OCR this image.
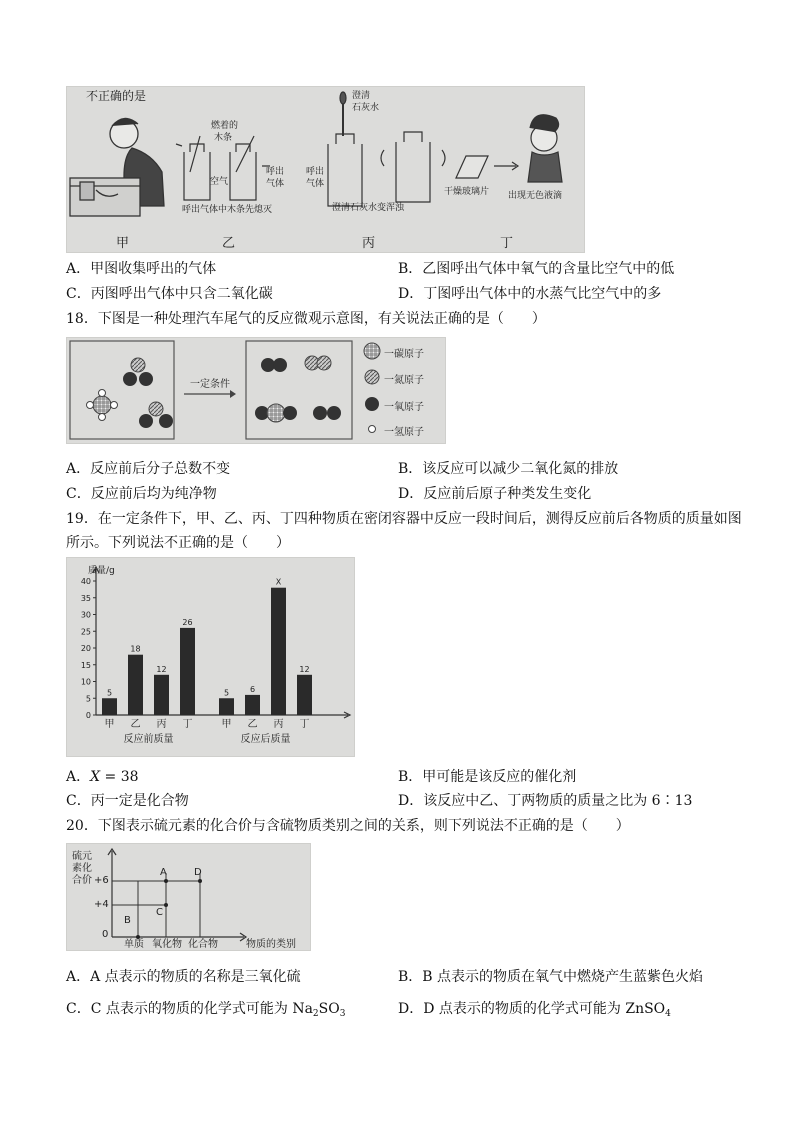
不正确的是
燃着的
木条
空气
呼出
气体
呼出气体中木条先熄灭
呼出
气体
澄清
石灰水
澄清石灰水变浑浊
干燥玻璃片 出现无色液滴
甲	乙	丙	丁
A．甲图收集呼出的气体	B．乙图呼出气体中氧气的含量比空气中的低
C．丙图呼出气体中只含二氧化碳	D．丁图呼出气体中的水蒸气比空气中的多
18．下图是一种处理汽车尾气的反应微观示意图，有关说法正确的是（　　）
一定条件
一碳原子
一氮原子
一氧原子
一氢原子
A．反应前后分子总数不变	B．该反应可以减少二氧化氮的排放
C．反应前后均为纯净物	D．反应前后原子种类发生变化
19．在一定条件下，甲、乙、丙、丁四种物质在密闭容器中反应一段时间后，测得反应前后各物质的质量如图
所示。下列说法不正确的是（　　）
质量/g
0
5
10
15
20
25
30
35
40
5
甲
18
乙
12
丙
26
丁
反应前质量
5
甲
6
乙
X
丙
12
丁
反应后质量
A．X = 38	B．甲可能是该反应的催化剂
C．丙一定是化合物	D．该反应中乙、丁两物质的质量之比为 6∶13
20．下图表示硫元素的化合价与含硫物质类别之间的关系，则下列说法不正确的是（　　）
硫元
素化
合价 +6
+4
0
单质 氧化物 化合物	物质的类别
A
B
C
D
A．A 点表示的物质的名称是三氧化硫	B．B 点表示的物质在氧气中燃烧产生蓝紫色火焰
C．C 点表示的物质的化学式可能为 $Na_2SO_3$	D．D 点表示的物质的化学式可能为 ZnSO$_4$
